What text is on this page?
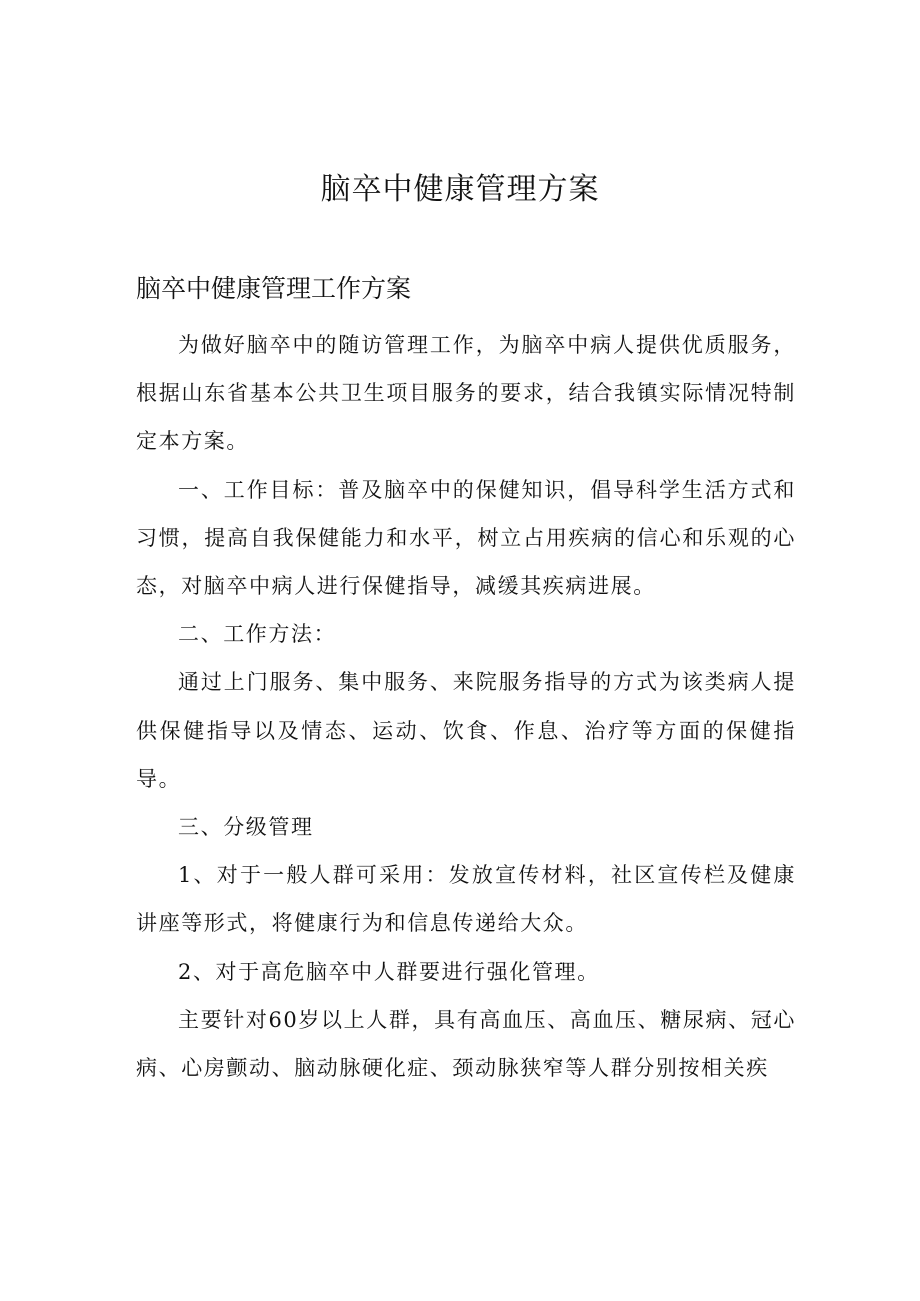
脑卒中健康管理方案
脑卒中健康管理工作方案

为做好脑卒中的随访管理工作，为脑卒中病人提供优质服务，根据山东省基本公共卫生项目服务的要求，结合我镇实际情况特制定本方案。

一、工作目标：普及脑卒中的保健知识，倡导科学生活方式和习惯，提高自我保健能力和水平，树立占用疾病的信心和乐观的心态，对脑卒中病人进行保健指导，减缓其疾病进展。

二、工作方法：

通过上门服务、集中服务、来院服务指导的方式为该类病人提供保健指导以及情态、运动、饮食、作息、治疗等方面的保健指导。

三、分级管理

1、对于一般人群可采用：发放宣传材料，社区宣传栏及健康讲座等形式，将健康行为和信息传递给大众。

2、对于高危脑卒中人群要进行强化管理。

主要针对60岁以上人群，具有高血压、高血压、糖尿病、冠心病、心房颤动、脑动脉硬化症、颈动脉狭窄等人群分别按相关疾
